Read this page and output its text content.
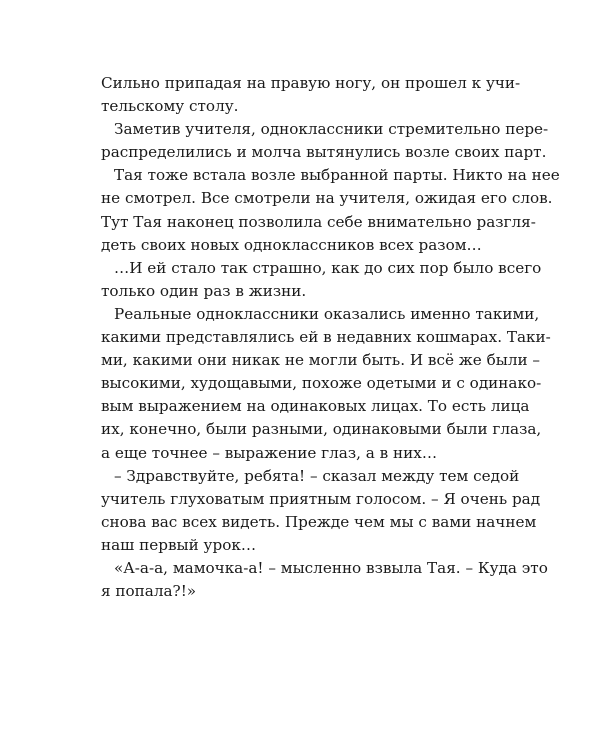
Сильно припадая на правую ногу, он прошел к учи-
тельскому столу.
Заметив учителя, одноклассники стремительно пере-
распределились и молча вытянулись возле своих парт.
Тая тоже встала возле выбранной парты. Никто на нее
не смотрел. Все смотрели на учителя, ожидая его слов.
Тут Тая наконец позволила себе внимательно разгля-
деть своих новых одноклассников всех разом…
…И ей стало так страшно, как до сих пор было всего
только один раз в жизни.
Реальные одноклассники оказались именно такими,
какими представлялись ей в недавних кошмарах. Таки-
ми, какими они никак не могли быть. И всё же были –
высокими, худощавыми, похоже одетыми и с одинако-
вым выражением на одинаковых лицах. То есть лица
их, конечно, были разными, одинаковыми были глаза,
а еще точнее – выражение глаз, а в них…
– Здравствуйте, ребята! – сказал между тем седой
учитель глуховатым приятным голосом. – Я очень рад
снова вас всех видеть. Прежде чем мы с вами начнем
наш первый урок…
«А-а-а, мамочка-а! – мысленно взвыла Тая. – Куда это
я попала?!»
